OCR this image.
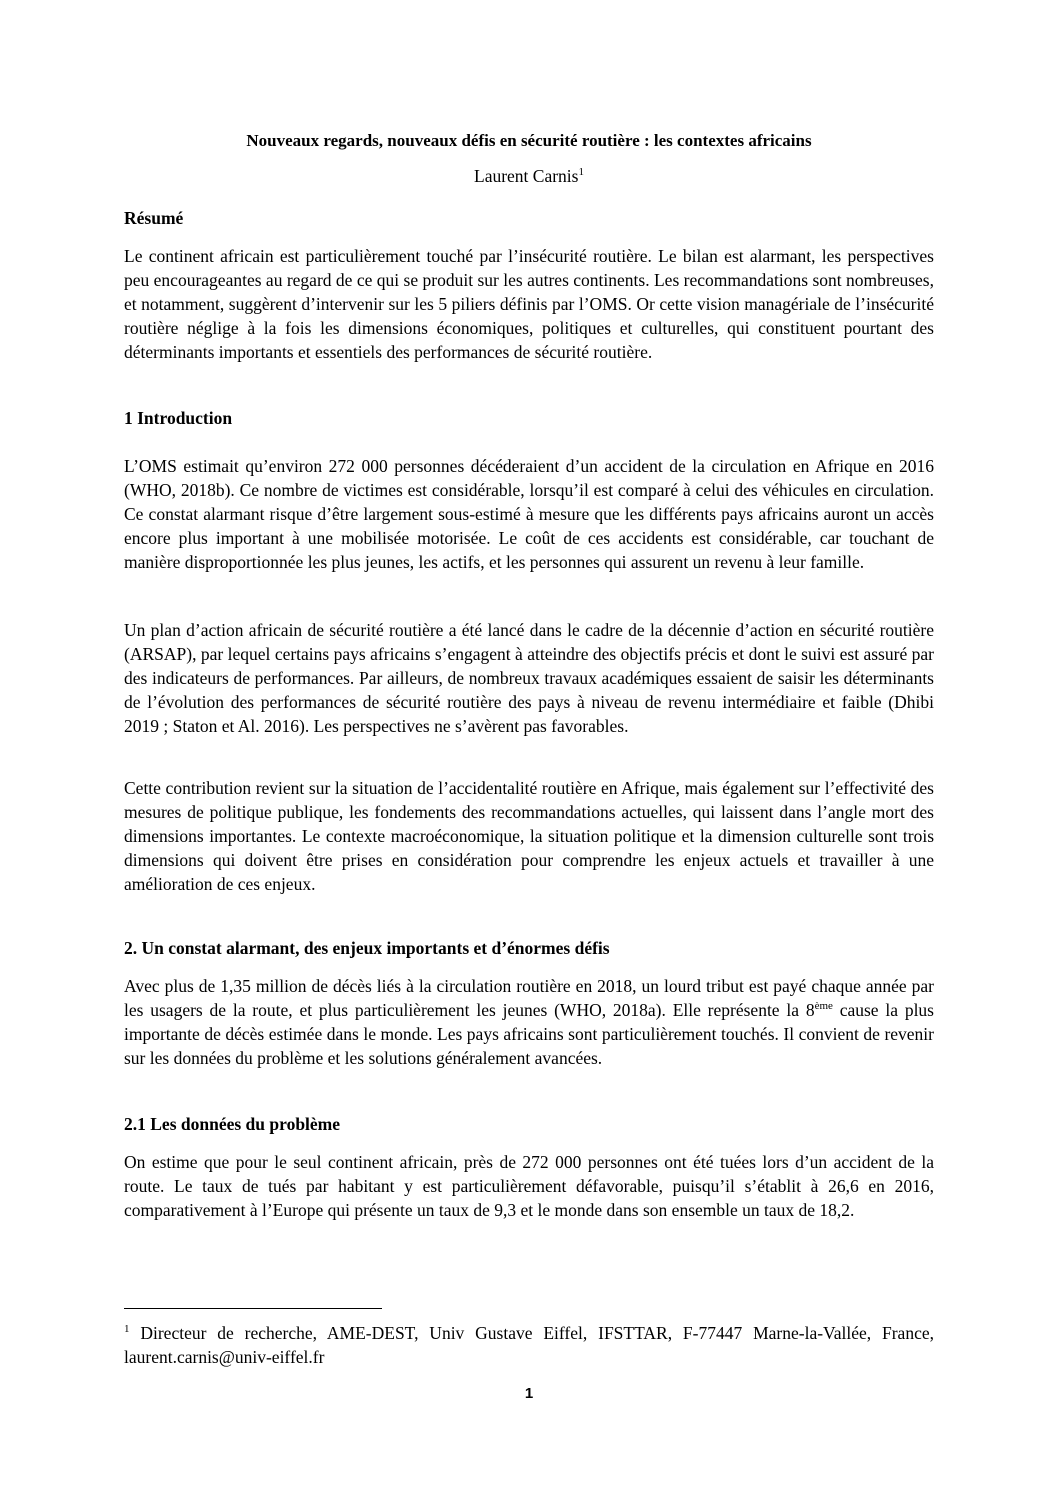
Nouveaux regards, nouveaux défis en sécurité routière : les contextes africains

Laurent Carnis$^1$

Résumé

Le continent africain est particulièrement touché par l’insécurité routière. Le bilan est alarmant, les perspectives peu encourageantes au regard de ce qui se produit sur les autres continents. Les recommandations sont nombreuses, et notamment, suggèrent d’intervenir sur les 5 piliers définis par l’OMS. Or cette vision managériale de l’insécurité routière néglige à la fois les dimensions économiques, politiques et culturelles, qui constituent pourtant des déterminants importants et essentiels des performances de sécurité routière.

1 Introduction

L’OMS estimait qu’environ 272 000 personnes décéderaient d’un accident de la circulation en Afrique en 2016 (WHO, 2018b). Ce nombre de victimes est considérable, lorsqu’il est comparé à celui des véhicules en circulation. Ce constat alarmant risque d’être largement sous-estimé à mesure que les différents pays africains auront un accès encore plus important à une mobilisée motorisée. Le coût de ces accidents est considérable, car touchant de manière disproportionnée les plus jeunes, les actifs, et les personnes qui assurent un revenu à leur famille.

Un plan d’action africain de sécurité routière a été lancé dans le cadre de la décennie d’action en sécurité routière (ARSAP), par lequel certains pays africains s’engagent à atteindre des objectifs précis et dont le suivi est assuré par des indicateurs de performances. Par ailleurs, de nombreux travaux académiques essaient de saisir les déterminants de l’évolution des performances de sécurité routière des pays à niveau de revenu intermédiaire et faible (Dhibi 2019 ; Staton et Al. 2016). Les perspectives ne s’avèrent pas favorables.

Cette contribution revient sur la situation de l’accidentalité routière en Afrique, mais également sur l’effectivité des mesures de politique publique, les fondements des recommandations actuelles, qui laissent dans l’angle mort des dimensions importantes. Le contexte macroéconomique, la situation politique et la dimension culturelle sont trois dimensions qui doivent être prises en considération pour comprendre les enjeux actuels et travailler à une amélioration de ces enjeux.

2. Un constat alarmant, des enjeux importants et d’énormes défis

Avec plus de 1,35 million de décès liés à la circulation routière en 2018, un lourd tribut est payé chaque année par les usagers de la route, et plus particulièrement les jeunes (WHO, 2018a). Elle représente la 8ème cause la plus importante de décès estimée dans le monde. Les pays africains sont particulièrement touchés. Il convient de revenir sur les données du problème et les solutions généralement avancées.

2.1 Les données du problème

On estime que pour le seul continent africain, près de 272 000 personnes ont été tuées lors d’un accident de la route. Le taux de tués par habitant y est particulièrement défavorable, puisqu’il s’établit à 26,6 en 2016, comparativement à l’Europe qui présente un taux de 9,3 et le monde dans son ensemble un taux de 18,2.

$^1$ Directeur de recherche, AME-DEST, Univ Gustave Eiffel, IFSTTAR, F-77447 Marne-la-Vallée, France, laurent.carnis@univ-eiffel.fr

1
